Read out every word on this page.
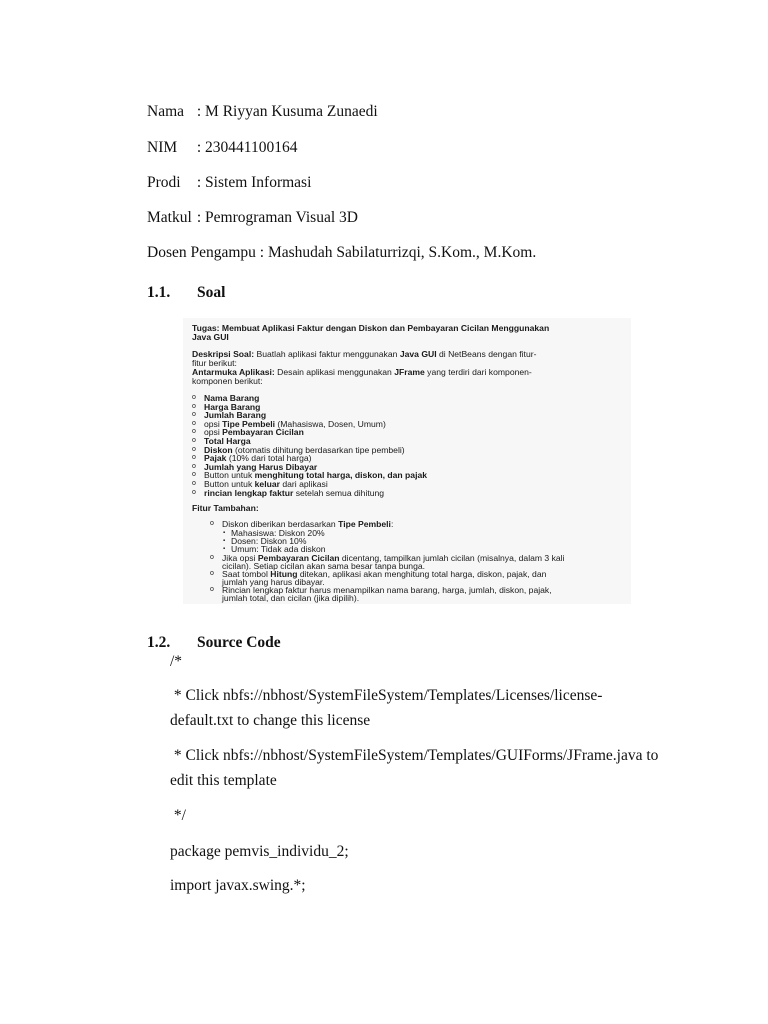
Nama : M Riyyan Kusuma Zunaedi
NIM : 230441100164
Prodi : Sistem Informasi
Matkul : Pemrograman Visual 3D
Dosen Pengampu : Mashudah Sabilaturrizqi, S.Kom., M.Kom.
1.1. Soal
Tugas: Membuat Aplikasi Faktur dengan Diskon dan Pembayaran Cicilan Menggunakan
Java GUI
Deskripsi Soal: Buatlah aplikasi faktur menggunakan Java GUI di NetBeans dengan fitur-
fitur berikut:
Antarmuka Aplikasi: Desain aplikasi menggunakan JFrame yang terdiri dari komponen-
komponen berikut:
o Nama Barang
o Harga Barang
o Jumlah Barang
o opsi Tipe Pembeli (Mahasiswa, Dosen, Umum)
o opsi Pembayaran Cicilan
o Total Harga
o Diskon (otomatis dihitung berdasarkan tipe pembeli)
o Pajak (10% dari total harga)
o Jumlah yang Harus Dibayar
o Button untuk menghitung total harga, diskon, dan pajak
o Button untuk keluar dari aplikasi
o rincian lengkap faktur setelah semua dihitung
Fitur Tambahan:
o Diskon diberikan berdasarkan Tipe Pembeli:
▪ Mahasiswa: Diskon 20%
▪ Dosen: Diskon 10%
▪ Umum: Tidak ada diskon
o Jika opsi Pembayaran Cicilan dicentang, tampilkan jumlah cicilan (misalnya, dalam 3 kali
cicilan). Setiap cicilan akan sama besar tanpa bunga.
o Saat tombol Hitung ditekan, aplikasi akan menghitung total harga, diskon, pajak, dan
jumlah yang harus dibayar.
o Rincian lengkap faktur harus menampilkan nama barang, harga, jumlah, diskon, pajak,
jumlah total, dan cicilan (jika dipilih).
1.2. Source Code
/*
* Click nbfs://nbhost/SystemFileSystem/Templates/Licenses/license-
default.txt to change this license
* Click nbfs://nbhost/SystemFileSystem/Templates/GUIForms/JFrame.java to
edit this template
*/
package pemvis_individu_2;
import javax.swing.*;
